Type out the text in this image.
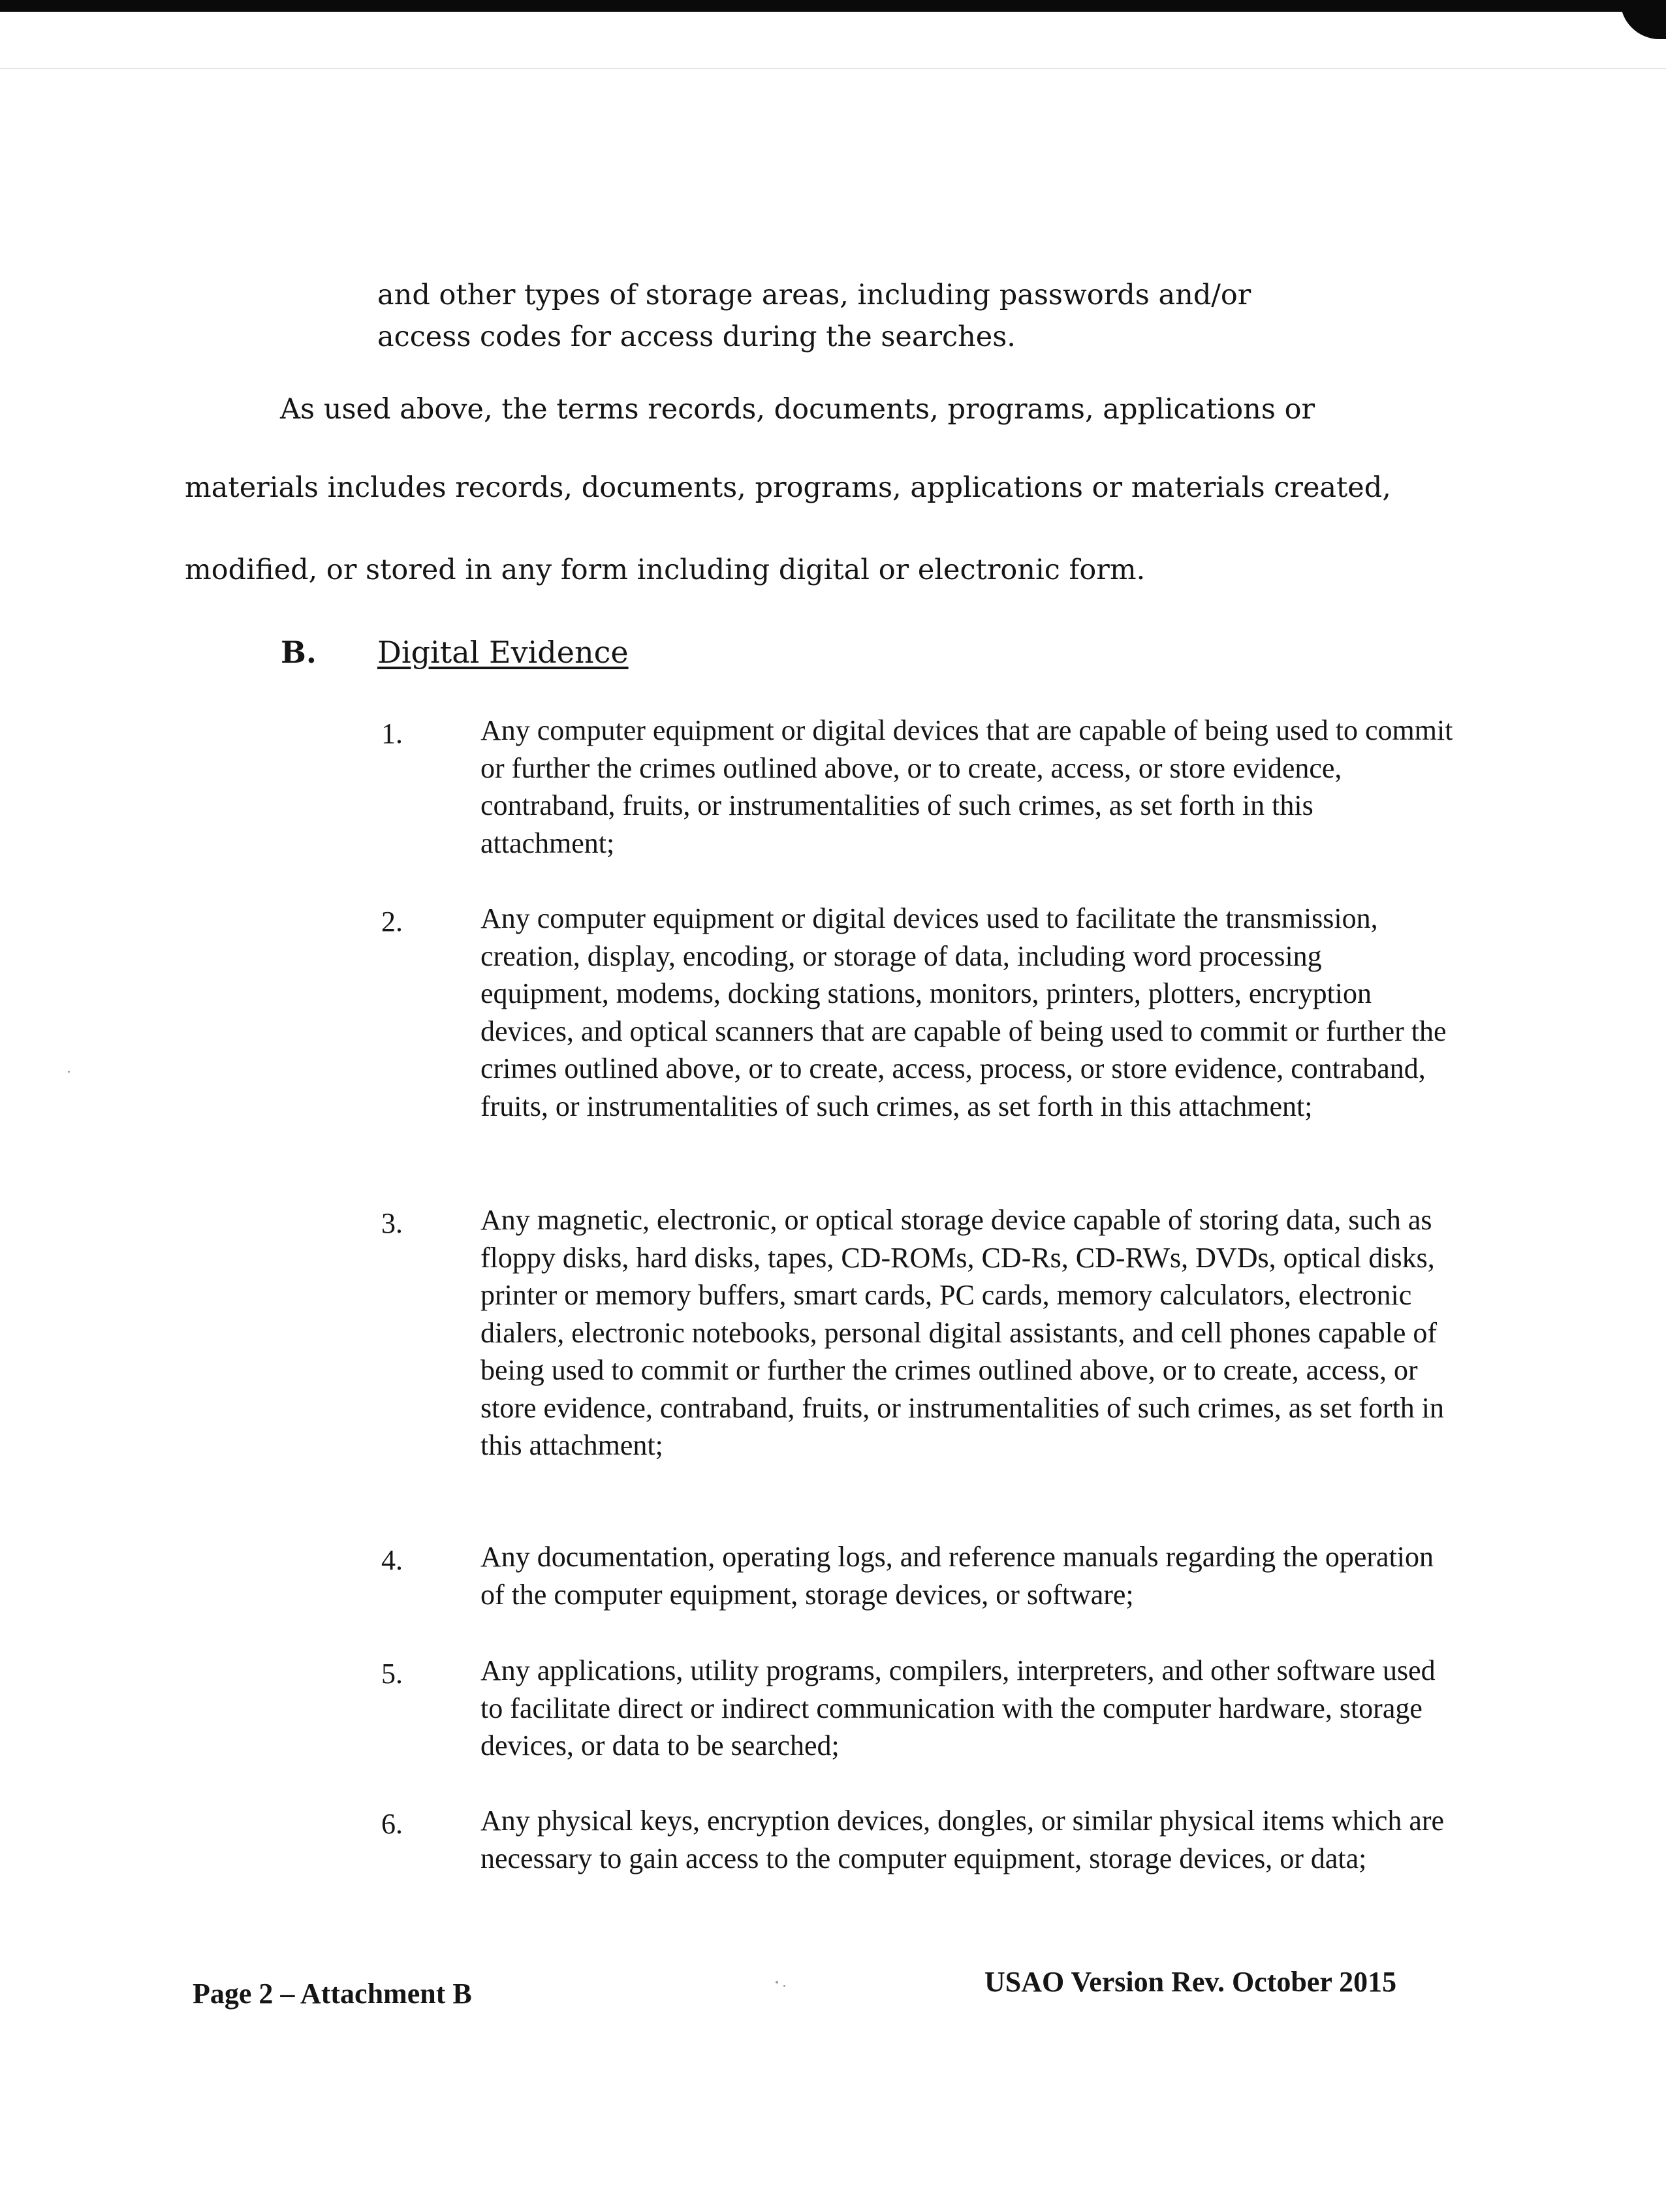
and other types of storage areas, including passwords and/or

access codes for access during the searches.

As used above, the terms records, documents, programs, applications or

materials includes records, documents, programs, applications or materials created,

modified, or stored in any form including digital or electronic form.

B. Digital Evidence
1.	Any computer equipment or digital devices that are capable of being used to commit or further the crimes outlined above, or to create, access, or store evidence, contraband, fruits, or instrumentalities of such crimes, as set forth in this attachment;
2.	Any computer equipment or digital devices used to facilitate the transmission, creation, display, encoding, or storage of data, including word processing equipment, modems, docking stations, monitors, printers, plotters, encryption devices, and optical scanners that are capable of being used to commit or further the crimes outlined above, or to create, access, process, or store evidence, contraband, fruits, or instrumentalities of such crimes, as set forth in this attachment;
3.	Any magnetic, electronic, or optical storage device capable of storing data, such as floppy disks, hard disks, tapes, CD-ROMs, CD-Rs, CD-RWs, DVDs, optical disks, printer or memory buffers, smart cards, PC cards, memory calculators, electronic dialers, electronic notebooks, personal digital assistants, and cell phones capable of being used to commit or further the crimes outlined above, or to create, access, or store evidence, contraband, fruits, or instrumentalities of such crimes, as set forth in this attachment;
4.	Any documentation, operating logs, and reference manuals regarding the operation of the computer equipment, storage devices, or software;
5.	Any applications, utility programs, compilers, interpreters, and other software used to facilitate direct or indirect communication with the computer hardware, storage devices, or data to be searched;
6.	Any physical keys, encryption devices, dongles, or similar physical items which are necessary to gain access to the computer equipment, storage devices, or data;
Page 2 – Attachment B	USAO Version Rev. October 2015
